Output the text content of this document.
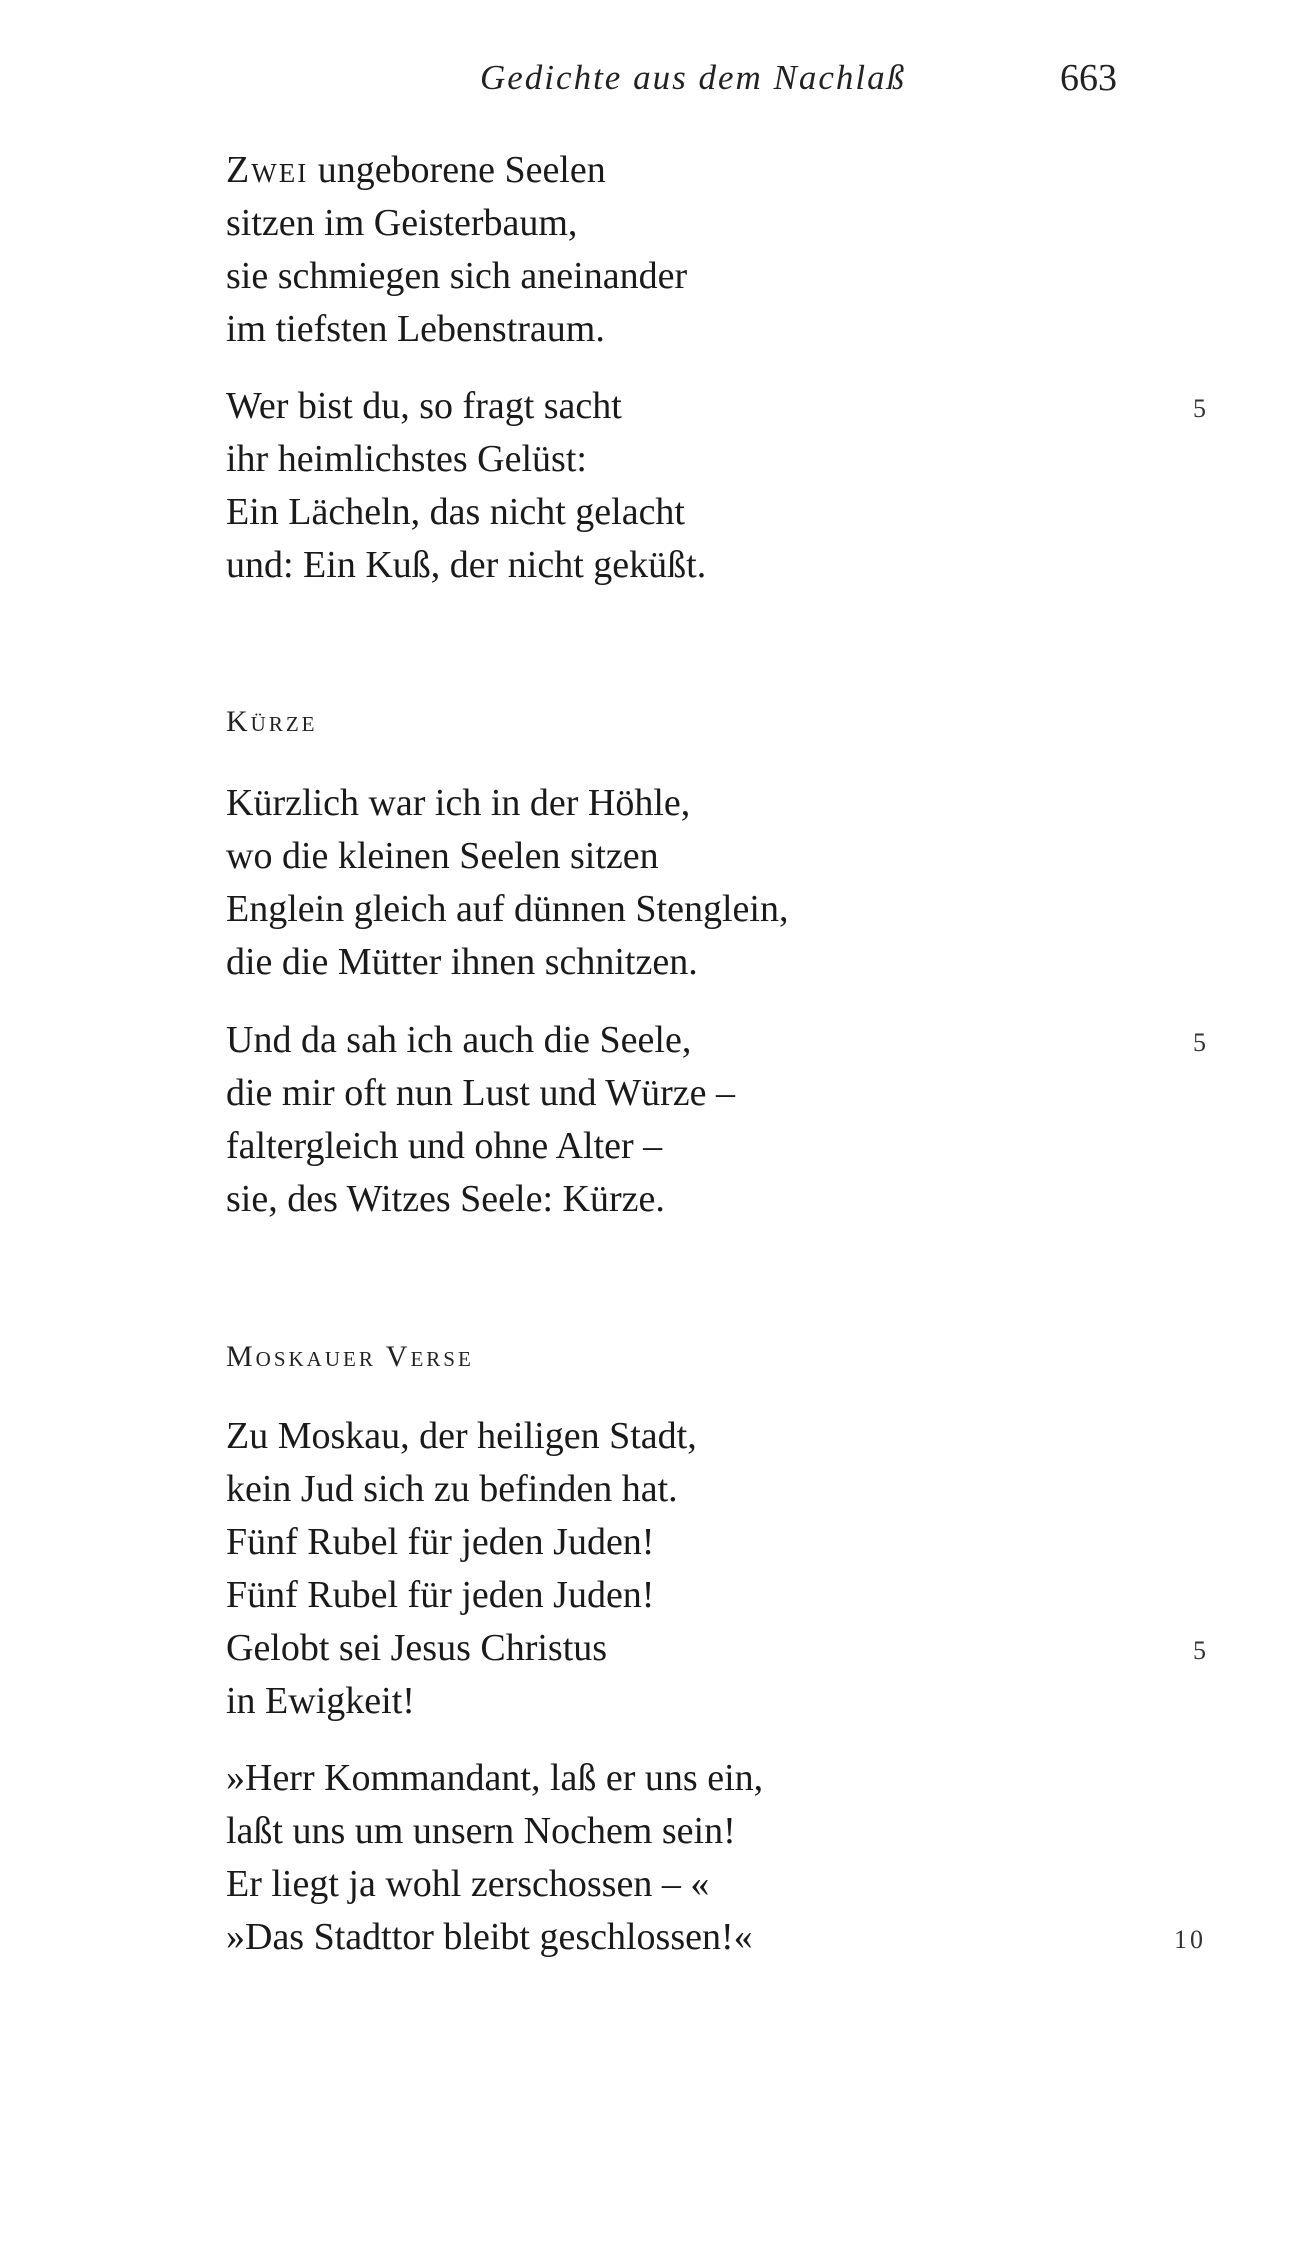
Gedichte aus dem Nachlaß	663
Zwei ungeborene Seelen
sitzen im Geisterbaum,
sie schmiegen sich aneinander
im tiefsten Lebenstraum.
Wer bist du, so fragt sacht	5
ihr heimlichstes Gelüst:
Ein Lächeln, das nicht gelacht
und: Ein Kuß, der nicht geküßt.
Kürze
Kürzlich war ich in der Höhle,
wo die kleinen Seelen sitzen
Englein gleich auf dünnen Stenglein,
die die Mütter ihnen schnitzen.
Und da sah ich auch die Seele,	5
die mir oft nun Lust und Würze –
faltergleich und ohne Alter –
sie, des Witzes Seele: Kürze.
Moskauer Verse
Zu Moskau, der heiligen Stadt,
kein Jud sich zu befinden hat.
Fünf Rubel für jeden Juden!
Fünf Rubel für jeden Juden!
Gelobt sei Jesus Christus	5
in Ewigkeit!
»Herr Kommandant, laß er uns ein,
laßt uns um unsern Nochem sein!
Er liegt ja wohl zerschossen – «
»Das Stadttor bleibt geschlossen!«	10
